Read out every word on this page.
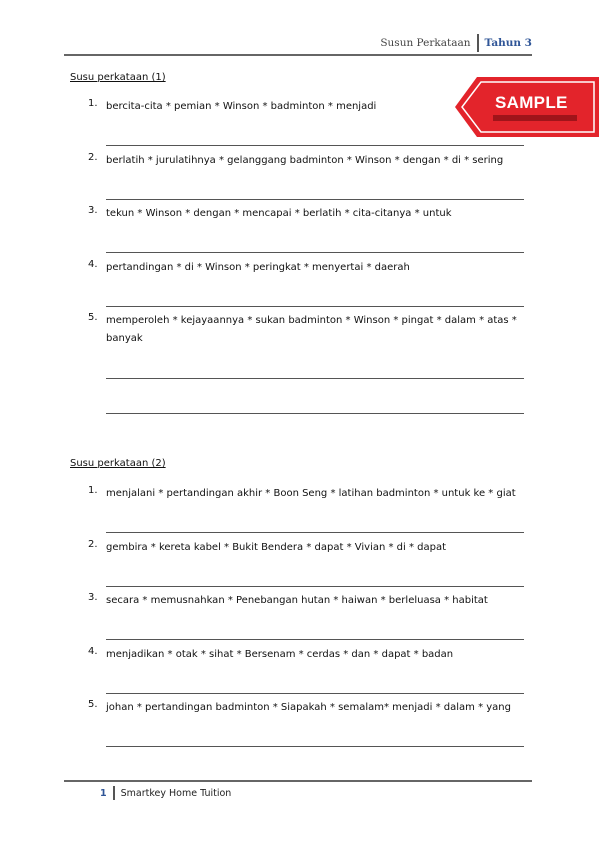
Susun Perkataan	Tahun 3
SAMPLE
Susu perkataan (1)
1. bercita-cita * pemian * Winson * badminton * menjadi
2. berlatih * jurulatihnya * gelanggang badminton * Winson * dengan * di * sering
3. tekun * Winson * dengan * mencapai * berlatih * cita-citanya * untuk
4. pertandingan * di * Winson * peringkat * menyertai * daerah
5. memperoleh * kejayaannya * sukan badminton * Winson * pingat * dalam * atas * banyak
Susu perkataan (2)
1. menjalani * pertandingan akhir * Boon Seng * latihan badminton * untuk ke * giat
2. gembira * kereta kabel * Bukit Bendera * dapat * Vivian * di * dapat
3. secara * memusnahkan * Penebangan hutan * haiwan * berleluasa * habitat
4. menjadikan * otak * sihat * Bersenam * cerdas * dan * dapat * badan
5. johan * pertandingan badminton * Siapakah * semalam* menjadi * dalam * yang
1	Smartkey Home Tuition
